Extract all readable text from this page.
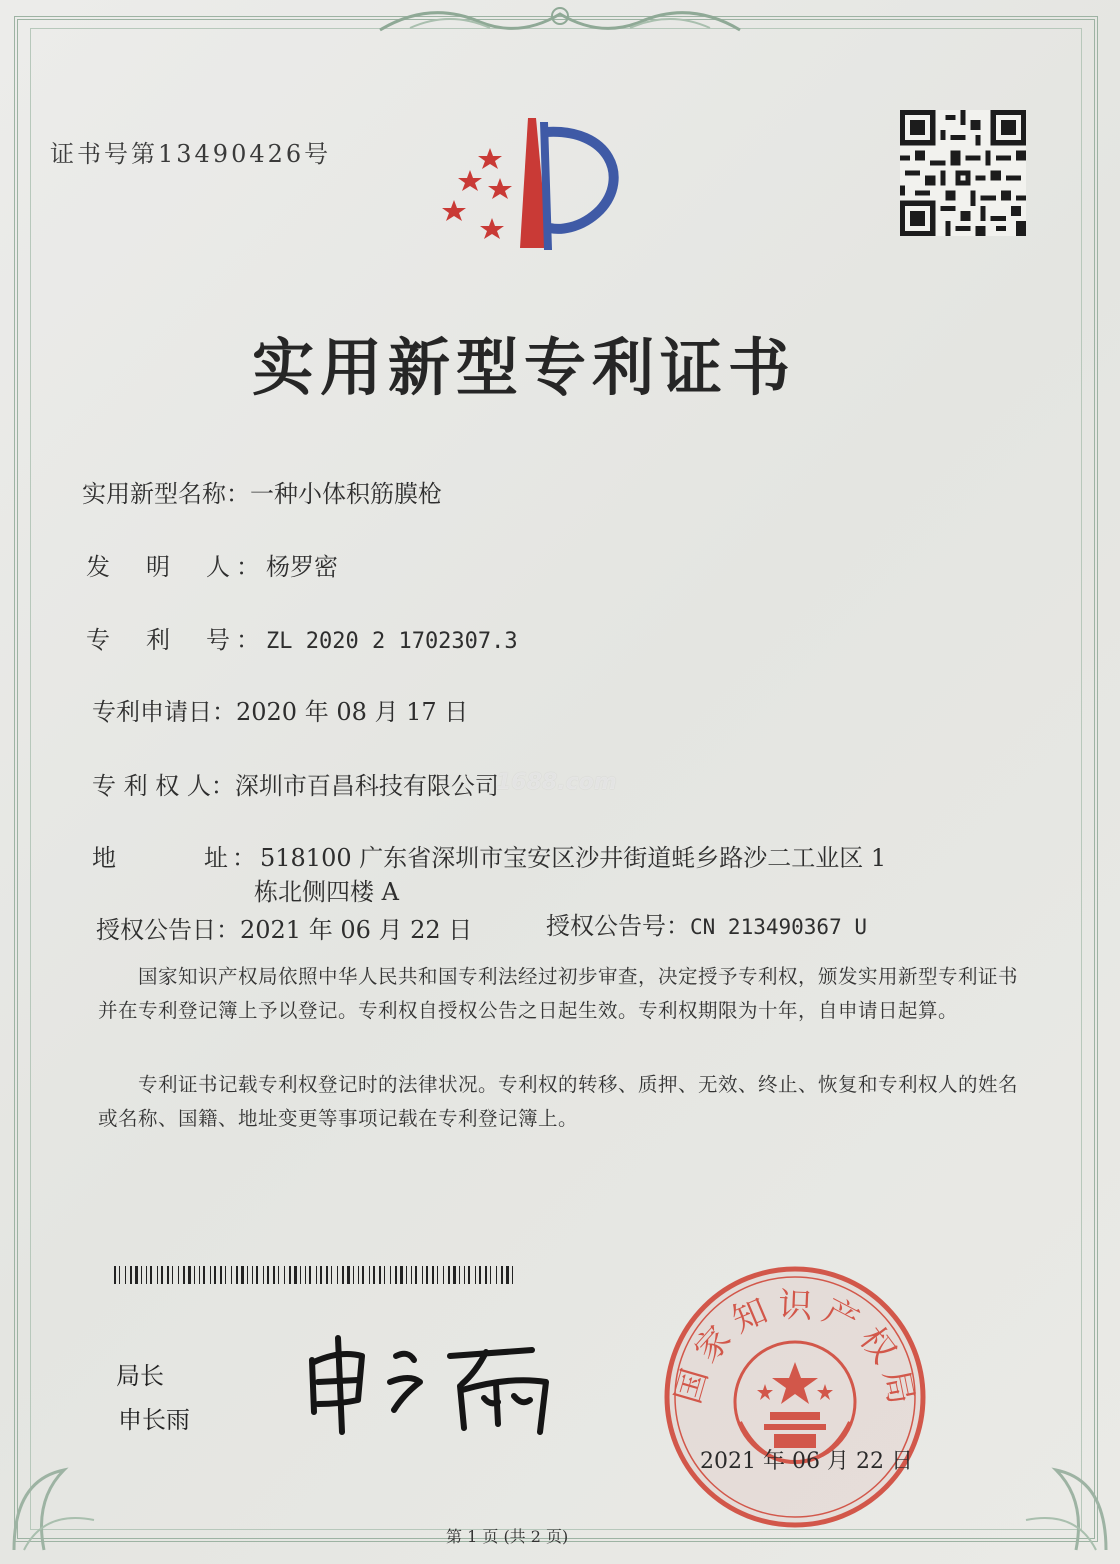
证书号第13490426号
实用新型专利证书
实用新型名称：一种小体积筋膜枪
发　明　人：杨罗密
专　利　号：ZL 2020 2 1702307.3
专利申请日：2020 年 08 月 17 日
专 利 权 人：深圳市百昌科技有限公司
1688.com
地　　　址：518100 广东省深圳市宝安区沙井街道蚝乡路沙二工业区 1
栋北侧四楼 A
授权公告日：2021 年 06 月 22 日	授权公告号：CN 213490367 U
国家知识产权局依照中华人民共和国专利法经过初步审查，决定授予专利权，颁发实用新型专利证书并在专利登记簿上予以登记。专利权自授权公告之日起生效。专利权期限为十年，自申请日起算。
专利证书记载专利权登记时的法律状况。专利权的转移、质押、无效、终止、恢复和专利权人的姓名或名称、国籍、地址变更等事项记载在专利登记簿上。
局长
申长雨
国家知识产权局
2021 年 06 月 22 日
第 1 页 (共 2 页)
